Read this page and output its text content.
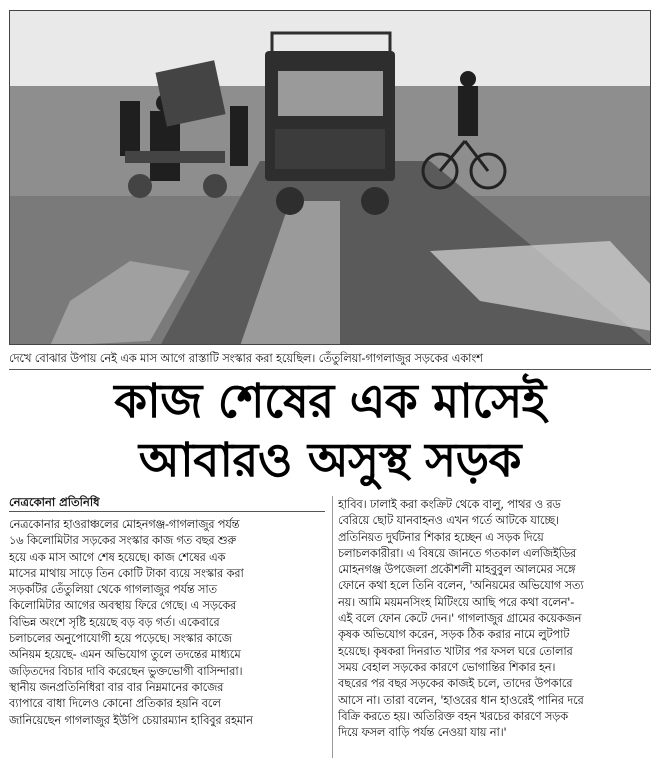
দেখে বোঝার উপায় নেই এক মাস আগে রাস্তাটি সংস্কার করা হয়েছিল। তেঁতুলিয়া-গাগলাজুর সড়কের একাংশ
কাজ শেষের এক মাসেই
আবারও অসুস্থ সড়ক
নেত্রকোনা প্রতিনিধি
নেত্রকোনার হাওরাঞ্চলের মোহনগঞ্জ-গাগলাজুর পর্যন্ত
১৬ কিলোমিটার সড়কের সংস্কার কাজ গত বছর শুরু
হয়ে এক মাস আগে শেষ হয়েছে। কাজ শেষের এক
মাসের মাথায় সাড়ে তিন কোটি টাকা ব্যয়ে সংস্কার করা
সড়কটির তেঁতুলিয়া থেকে গাগলাজুর পর্যন্ত সাত
কিলোমিটার আগের অবস্থায় ফিরে গেছে। এ সড়কের
বিভিন্ন অংশে সৃষ্টি হয়েছে বড় বড় গর্ত। একেবারে
চলাচলের অনুপোযোগী হয়ে পড়েছে। সংস্কার কাজে
অনিয়ম হয়েছে- এমন অভিযোগ তুলে তদন্তের মাধ্যমে
জড়িতদের বিচার দাবি করেছেন ভুক্তভোগী বাসিন্দারা।
স্থানীয় জনপ্রতিনিধিরা বার বার নিম্নমানের কাজের
ব্যাপারে বাধা দিলেও কোনো প্রতিকার হয়নি বলে
জানিয়েছেন গাগলাজুর ইউপি চেয়ারম্যান হাবিবুর রহমান
হাবিব। ঢালাই করা কংক্রিট থেকে বালু, পাথর ও রড
বেরিয়ে ছোট যানবাহনও এখন গর্তে আটকে যাচ্ছে।
প্রতিনিয়ত দুর্ঘটনার শিকার হচ্ছেন এ সড়ক দিয়ে
চলাচলকারীরা। এ বিষয়ে জানতে গতকাল এলজিইডির
মোহনগঞ্জ উপজেলা প্রকৌশলী মাহবুবুল আলমের সঙ্গে
ফোনে কথা হলে তিনি বলেন, 'অনিয়মের অভিযোগ সত্য
নয়। আমি ময়মনসিংহ মিটিংয়ে আছি পরে কথা বলেন'-
এই বলে ফোন কেটে দেন।' গাগলাজুর গ্রামের কয়েকজন
কৃষক অভিযোগ করেন, সড়ক ঠিক করার নামে লুটপাট
হয়েছে। কৃষকরা দিনরাত খাটার পর ফসল ঘরে তোলার
সময় বেহাল সড়কের কারণে ভোগান্তির শিকার হন।
বছরের পর বছর সড়কের কাজই চলে, তাদের উপকারে
আসে না। তারা বলেন, 'হাওরের ধান হাওরেই পানির দরে
বিক্রি করতে হয়। অতিরিক্ত বহন খরচের কারণে সড়ক
দিয়ে ফসল বাড়ি পর্যন্ত নেওয়া যায় না।'
